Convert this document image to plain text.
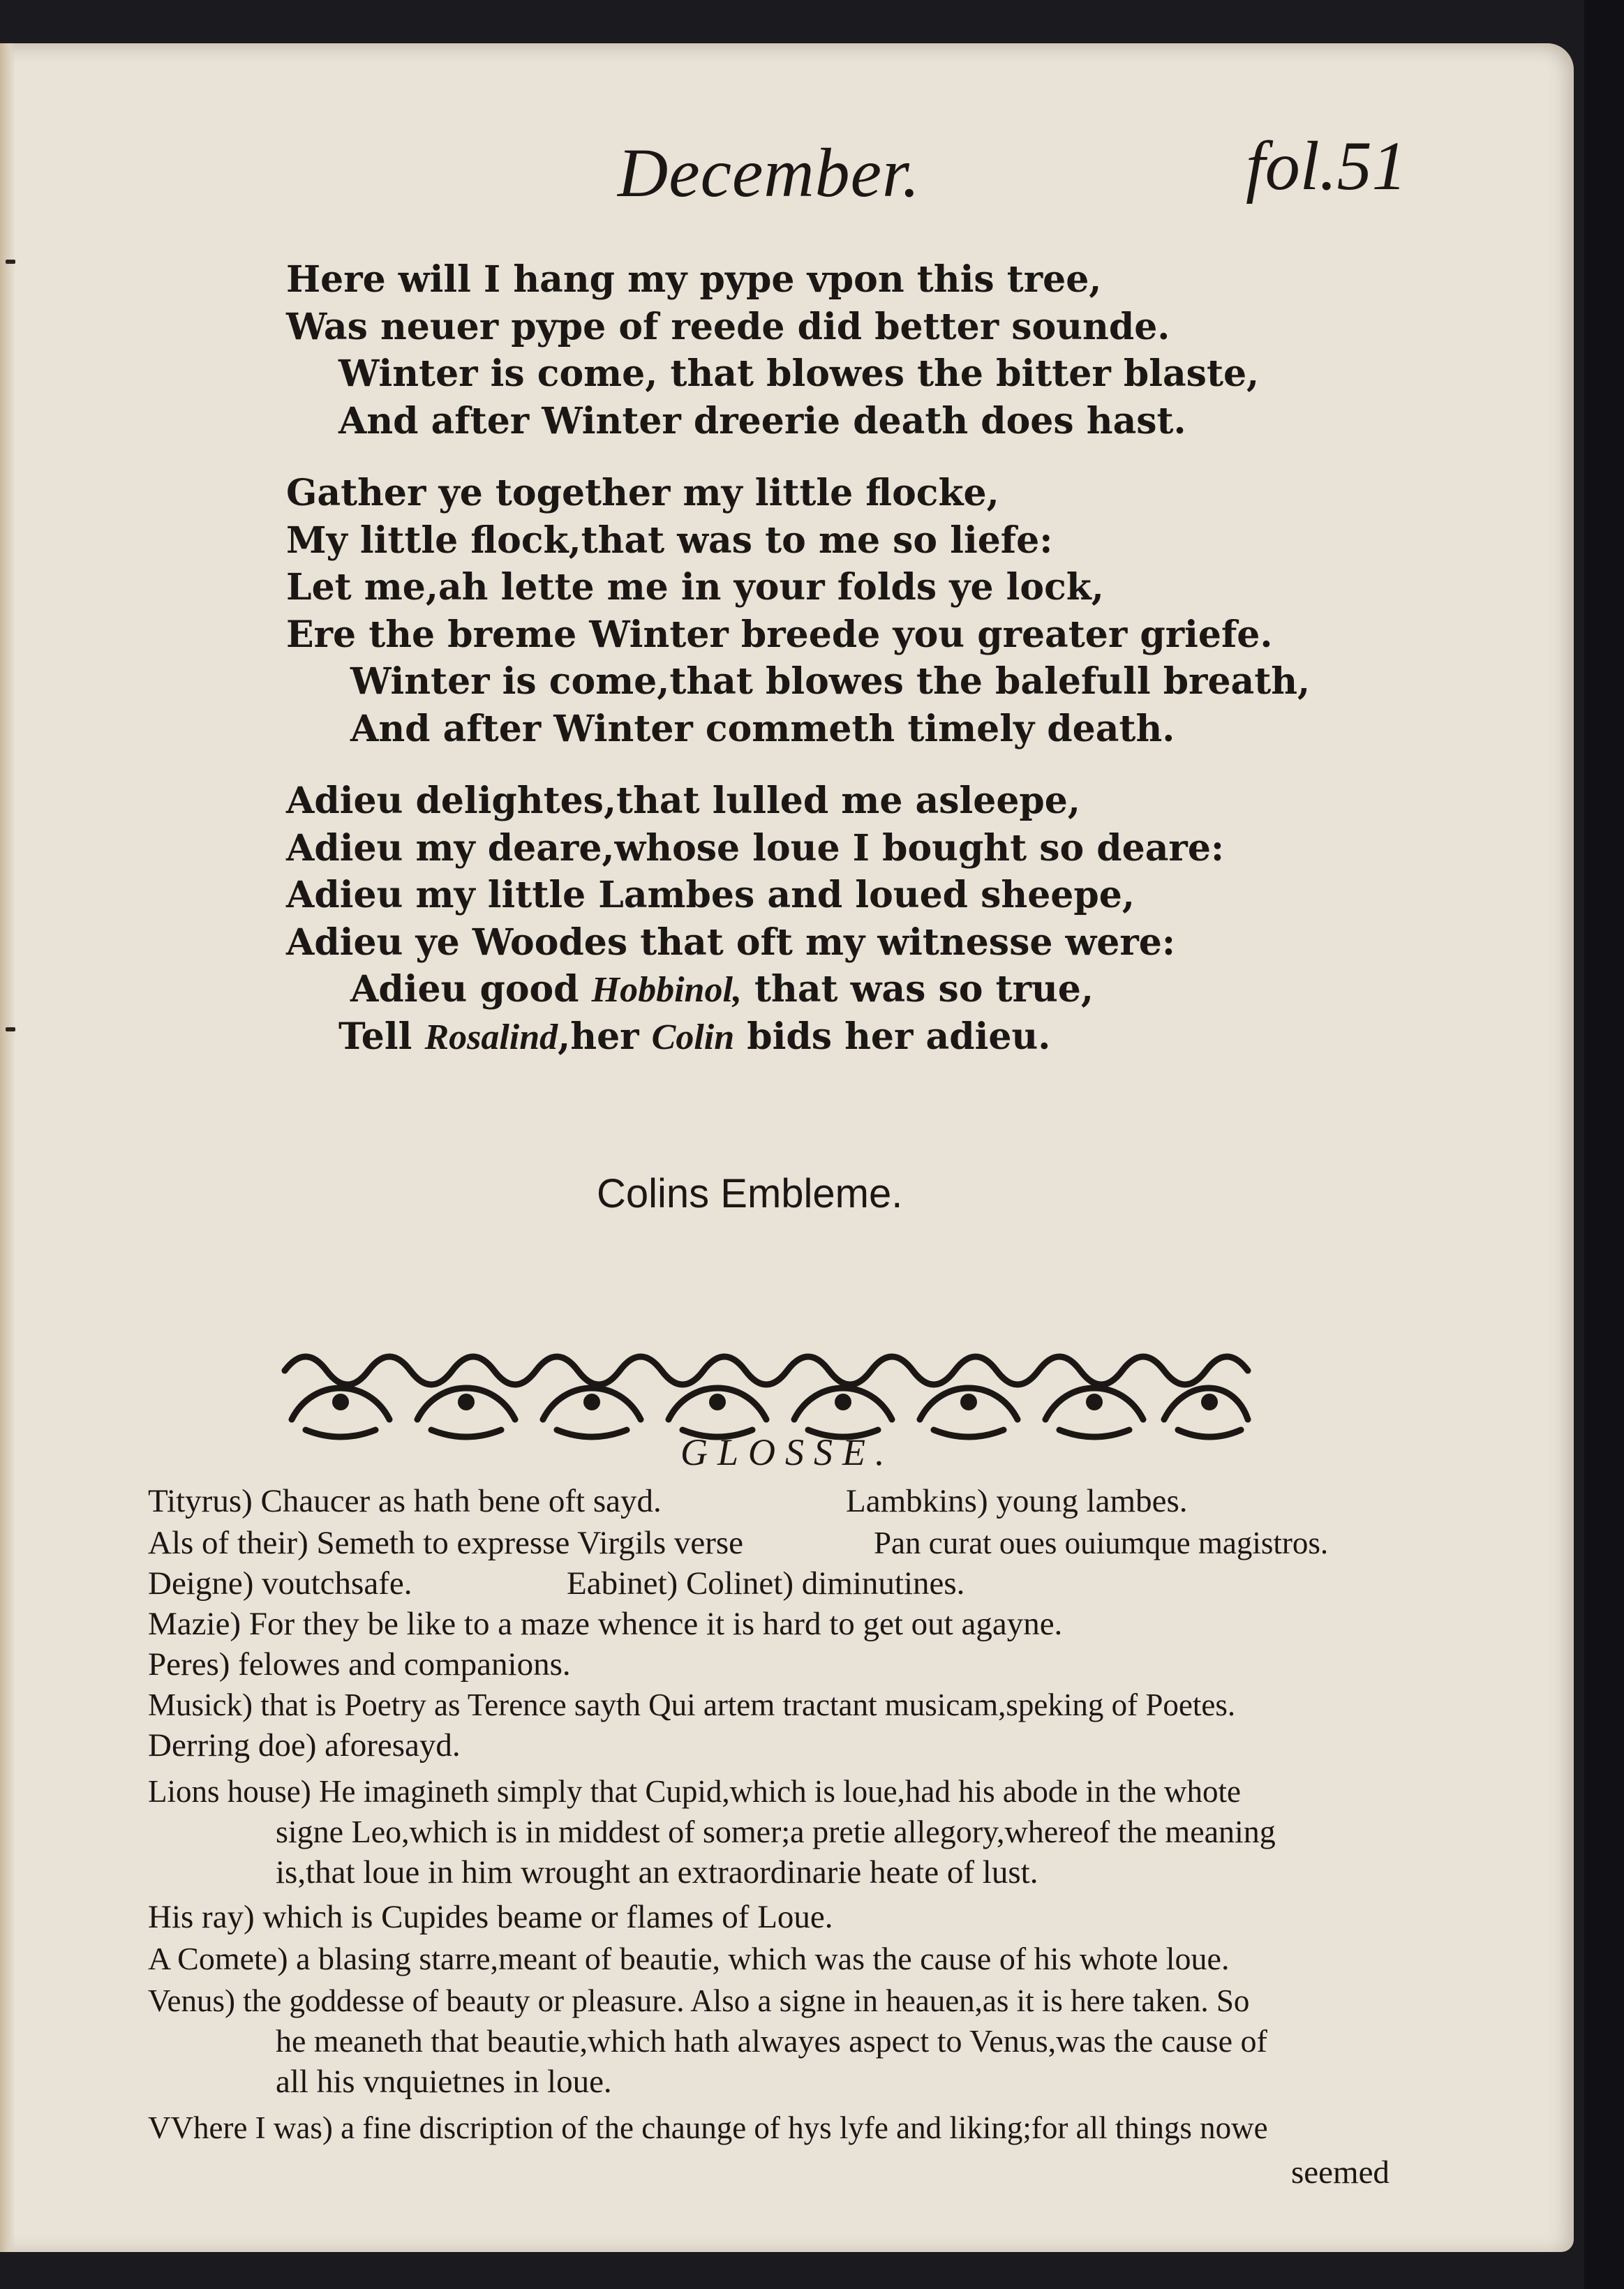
December.	fol.51
Here will I hang my pype vpon this tree,
Was neuer pype of reede did better sounde.
Winter is come, that blowes the bitter blaste,
And after Winter dreerie death does hast.
Gather ye together my little flocke,
My little flock,that was to me so liefe:
Let me,ah lette me in your folds ye lock,
Ere the breme Winter breede you greater griefe.
Winter is come,that blowes the balefull breath,
And after Winter commeth timely death.
Adieu delightes,that lulled me asleepe,
Adieu my deare,whose loue I bought so deare:
Adieu my little Lambes and loued sheepe,
Adieu ye Woodes that oft my witnesse were:
Adieu good Hobbinol, that was so true,
Tell Rosalind,her Colin bids her adieu.
Colins Embleme.
GLOSSE.
Tityrus) Chaucer as hath bene oft sayd.	Lambkins) young lambes.
Als of their) Semeth to expresse Virgils verse	Pan curat oues ouiumque magistros.
Deigne) voutchsafe.	Eabinet) Colinet) diminutines.
Mazie) For they be like to a maze whence it is hard to get out agayne.
Peres) felowes and companions.
Musick) that is Poetry as Terence sayth Qui artem tractant musicam,speking of Poetes.
Derring doe) aforesayd.
Lions house) He imagineth simply that Cupid,which is loue,had his abode in the whote
signe Leo,which is in middest of somer;a pretie allegory,whereof the meaning
is,that loue in him wrought an extraordinarie heate of lust.
His ray) which is Cupides beame or flames of Loue.
A Comete) a blasing starre,meant of beautie, which was the cause of his whote loue.
Venus) the goddesse of beauty or pleasure. Also a signe in heauen,as it is here taken. So
he meaneth that beautie,which hath alwayes aspect to Venus,was the cause of
all his vnquietnes in loue.
VVhere I was) a fine discription of the chaunge of hys lyfe and liking;for all things nowe
seemed
